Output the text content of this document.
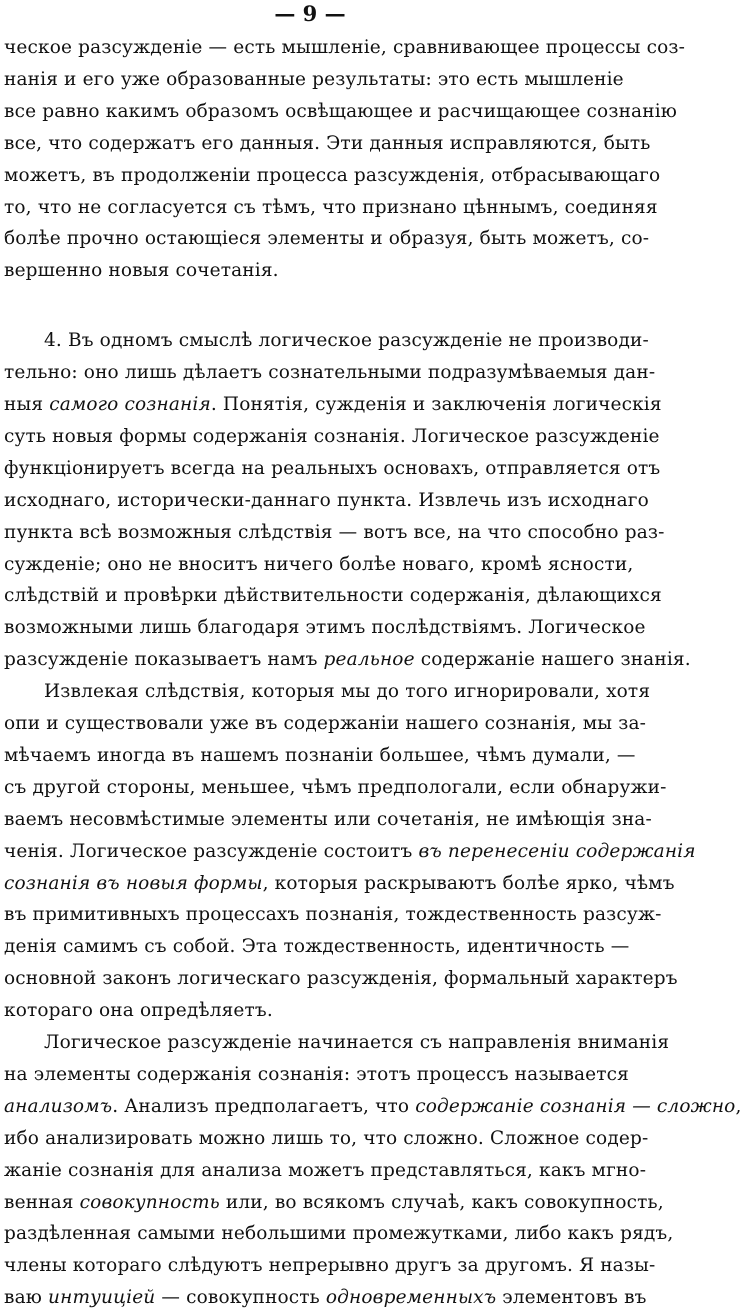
— 9 —
ческое разсужденіе — есть мышленіе, сравнивающее процессы соз-
нанія и его уже образованные результаты: это есть мышленіе
все равно какимъ образомъ освѣщающее и расчищающее сознанію
все, что содержатъ его данныя. Эти данныя исправляются, быть
можетъ, въ продолженіи процесса разсужденія, отбрасывающаго
то, что не согласуется съ тѣмъ, что признано цѣннымъ, соединяя
болѣе прочно остающіеся элементы и образуя, быть можетъ, со-
вершенно новыя сочетанія.
4. Въ одномъ смыслѣ логическое разсужденіе не производи-
тельно: оно лишь дѣлаетъ сознательными подразумѣваемыя дан-
ныя самого сознанія. Понятія, сужденія и заключенія логическія
суть новыя формы содержанія сознанія. Логическое разсужденіе
функціонируетъ всегда на реальныхъ основахъ, отправляется отъ
исходнаго, исторически-даннаго пункта. Извлечь изъ исходнаго
пункта всѣ возможныя слѣдствія — вотъ все, на что способно раз-
сужденіе; оно не вноситъ ничего болѣе новаго, кромѣ ясности,
слѣдствій и провѣрки дѣйствительности содержанія, дѣлающихся
возможными лишь благодаря этимъ послѣдствіямъ. Логическое
разсужденіе показываетъ намъ реальное содержаніе нашего знанія.
Извлекая слѣдствія, которыя мы до того игнорировали, хотя
опи и существовали уже въ содержаніи нашего сознанія, мы за-
мѣчаемъ иногда въ нашемъ познаніи большее, чѣмъ думали, —
съ другой стороны, меньшее, чѣмъ предпологали, если обнаружи-
ваемъ несовмѣстимые элементы или сочетанія, не имѣющія зна-
ченія. Логическое разсужденіе состоитъ въ перенесеніи содержанія
сознанія въ новыя формы, которыя раскрываютъ болѣе ярко, чѣмъ
въ примитивныхъ процессахъ познанія, тождественность разсуж-
денія самимъ съ собой. Эта тождественность, идентичность —
основной законъ логическаго разсужденія, формальный характеръ
котораго она опредѣляетъ.
Логическое разсужденіе начинается съ направленія вниманія
на элементы содержанія сознанія: этотъ процессъ называется
анализомъ. Анализъ предполагаетъ, что содержаніе сознанія — сложно,
ибо анализировать можно лишь то, что сложно. Сложное содер-
жаніе сознанія для анализа можетъ представляться, какъ мгно-
венная совокупность или, во всякомъ случаѣ, какъ совокупность,
раздѣленная самыми небольшими промежутками, либо какъ рядъ,
члены котораго слѣдуютъ непрерывно другъ за другомъ. Я назы-
ваю интуиціей — совокупность одновременныхъ элементовъ въ
